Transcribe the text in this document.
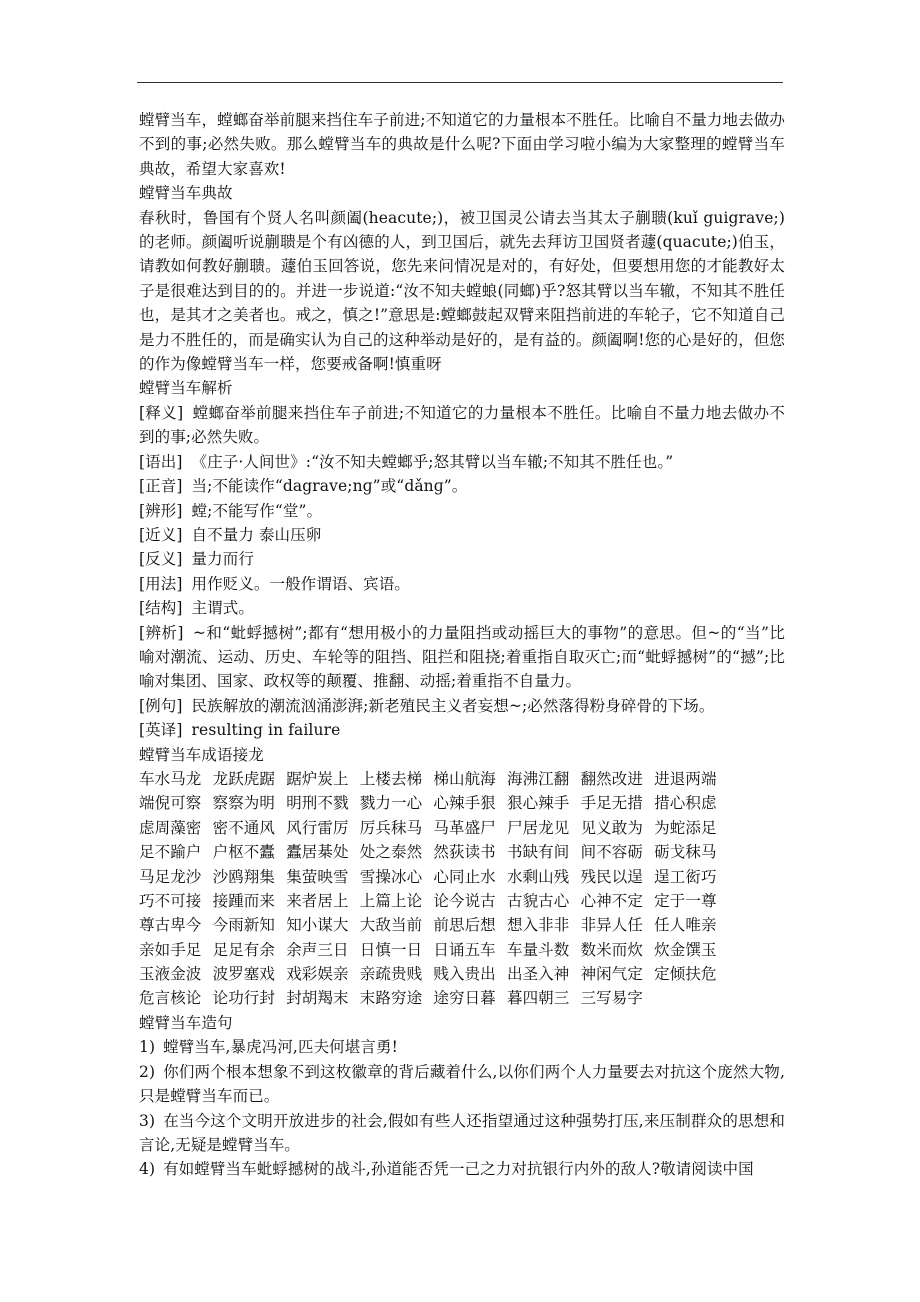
螳臂当车，螳螂奋举前腿来挡住车子前进;不知道它的力量根本不胜任。比喻自不量力地去做办不到的事;必然失败。那么螳臂当车的典故是什么呢?下面由学习啦小编为大家整理的螳臂当车典故，希望大家喜欢!

螳臂当车典故

春秋时，鲁国有个贤人名叫颜阖(heacute;)，被卫国灵公请去当其太子蒯聩(kuǐ guigrave;)的老师。颜阖听说蒯聩是个有凶德的人，到卫国后，就先去拜访卫国贤者蘧(quacute;)伯玉，请教如何教好蒯聩。蘧伯玉回答说，您先来问情况是对的，有好处，但要想用您的才能教好太子是很难达到目的的。并进一步说道:“汝不知夫螳蜋(同螂)乎?怒其臂以当车辙，不知其不胜任也，是其才之美者也。戒之，慎之!”意思是:螳螂鼓起双臂来阻挡前进的车轮子，它不知道自己是力不胜任的，而是确实认为自己的这种举动是好的，是有益的。颜阖啊!您的心是好的，但您的作为像螳臂当车一样，您要戒备啊!慎重呀

螳臂当车解析

[释义] 螳螂奋举前腿来挡住车子前进;不知道它的力量根本不胜任。比喻自不量力地去做办不到的事;必然失败。

[语出] 《庄子·人间世》:“汝不知夫螳螂乎;怒其臂以当车辙;不知其不胜任也。”

[正音] 当;不能读作“dagrave;nɡ”或“dǎnɡ”。

[辨形] 螳;不能写作“堂”。

[近义] 自不量力 泰山压卵

[反义] 量力而行

[用法] 用作贬义。一般作谓语、宾语。

[结构] 主谓式。

[辨析] ~和“蚍蜉撼树”;都有“想用极小的力量阻挡或动摇巨大的事物”的意思。但~的“当”比喻对潮流、运动、历史、车轮等的阻挡、阻拦和阻挠;着重指自取灭亡;而“蚍蜉撼树”的“撼”;比喻对集团、国家、政权等的颠覆、推翻、动摇;着重指不自量力。

[例句] 民族解放的潮流汹涌澎湃;新老殖民主义者妄想~;必然落得粉身碎骨的下场。

[英译] resulting in failure

螳臂当车成语接龙

车水马龙 龙跃虎踞 踞炉炭上 上楼去梯 梯山航海 海沸江翻 翻然改进 进退两端
端倪可察 察察为明 明刑不戮 戮力一心 心辣手狠 狠心辣手 手足无措 措心积虑
虑周藻密 密不通风 风行雷厉 厉兵秣马 马革盛尸 尸居龙见 见义敢为 为蛇添足
足不踰户 户枢不蠹 蠹居棊处 处之泰然 然荻读书 书缺有间 间不容砺 砺戈秣马
马足龙沙 沙鸥翔集 集萤映雪 雪操冰心 心同止水 水剩山残 残民以逞 逞工衒巧
巧不可接 接踵而来 来者居上 上篇上论 论今说古 古貌古心 心神不定 定于一尊
尊古卑今 今雨新知 知小谋大 大敌当前 前思后想 想入非非 非异人任 任人唯亲
亲如手足 足足有余 余声三日 日慎一日 日诵五车 车量斗数 数米而炊 炊金馔玉
玉液金波 波罗塞戏 戏彩娱亲 亲疏贵贱 贱入贵出 出圣入神 神闲气定 定倾扶危
危言核论 论功行封 封胡羯末 末路穷途 途穷日暮 暮四朝三 三写易字

螳臂当车造句

1) 螳臂当车,暴虎冯河,匹夫何堪言勇!
2) 你们两个根本想象不到这枚徽章的背后藏着什么,以你们两个人力量要去对抗这个庞然大物,只是螳臂当车而已。
3) 在当今这个文明开放进步的社会,假如有些人还指望通过这种强势打压,来压制群众的思想和言论,无疑是螳臂当车。
4) 有如螳臂当车蚍蜉撼树的战斗,孙道能否凭一己之力对抗银行内外的敌人?敬请阅读中国
